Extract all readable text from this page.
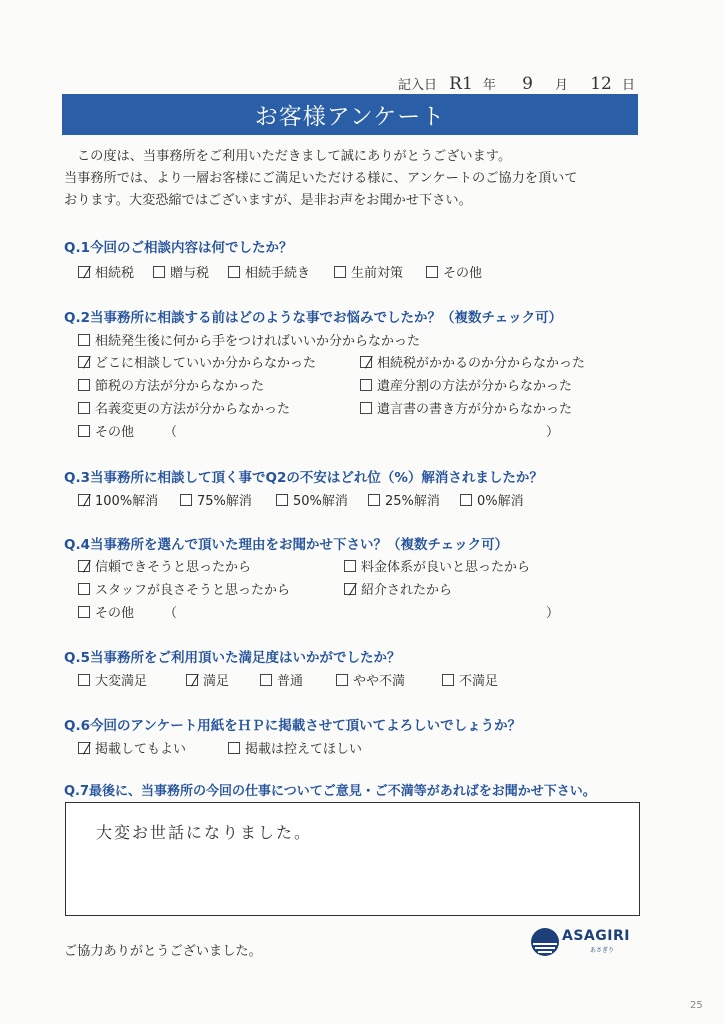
記入日 R1 年 9 月 12 日
お客様アンケート
この度は、当事務所をご利用いただきまして誠にありがとうございます。
当事務所では、より一層お客様にご満足いただける様に、アンケートのご協力を頂いて
おります。大変恐縮ではございますが、是非お声をお聞かせ下さい。
Q.1今回のご相談内容は何でしたか？
相続税	贈与税	相続手続き	生前対策	その他
Q.2当事務所に相談する前はどのような事でお悩みでしたか？（複数チェック可）
相続発生後に何から手をつければいいか分からなかった
どこに相談していいか分からなかった	相続税がかかるのか分からなかった
節税の方法が分からなかった	遺産分割の方法が分からなかった
名義変更の方法が分からなかった	遺言書の書き方が分からなかった
その他 （	）
Q.3当事務所に相談して頂く事でQ2の不安はどれ位（%）解消されましたか？
100%解消	75%解消	50%解消	25%解消	0%解消
Q.4当事務所を選んで頂いた理由をお聞かせ下さい？（複数チェック可）
信頼できそうと思ったから	料金体系が良いと思ったから
スタッフが良さそうと思ったから	紹介されたから
その他 （	）
Q.5当事務所をご利用頂いた満足度はいかがでしたか？
大変満足	満足	普通	やや不満	不満足
Q.6今回のアンケート用紙をＨＰに掲載させて頂いてよろしいでしょうか？
掲載してもよい	掲載は控えてほしい
Q.7最後に、当事務所の今回の仕事についてご意見・ご不満等があればをお聞かせ下さい。
大変お世話になりました。
ご協力ありがとうございました。
ASAGIRI
あさぎり
25
